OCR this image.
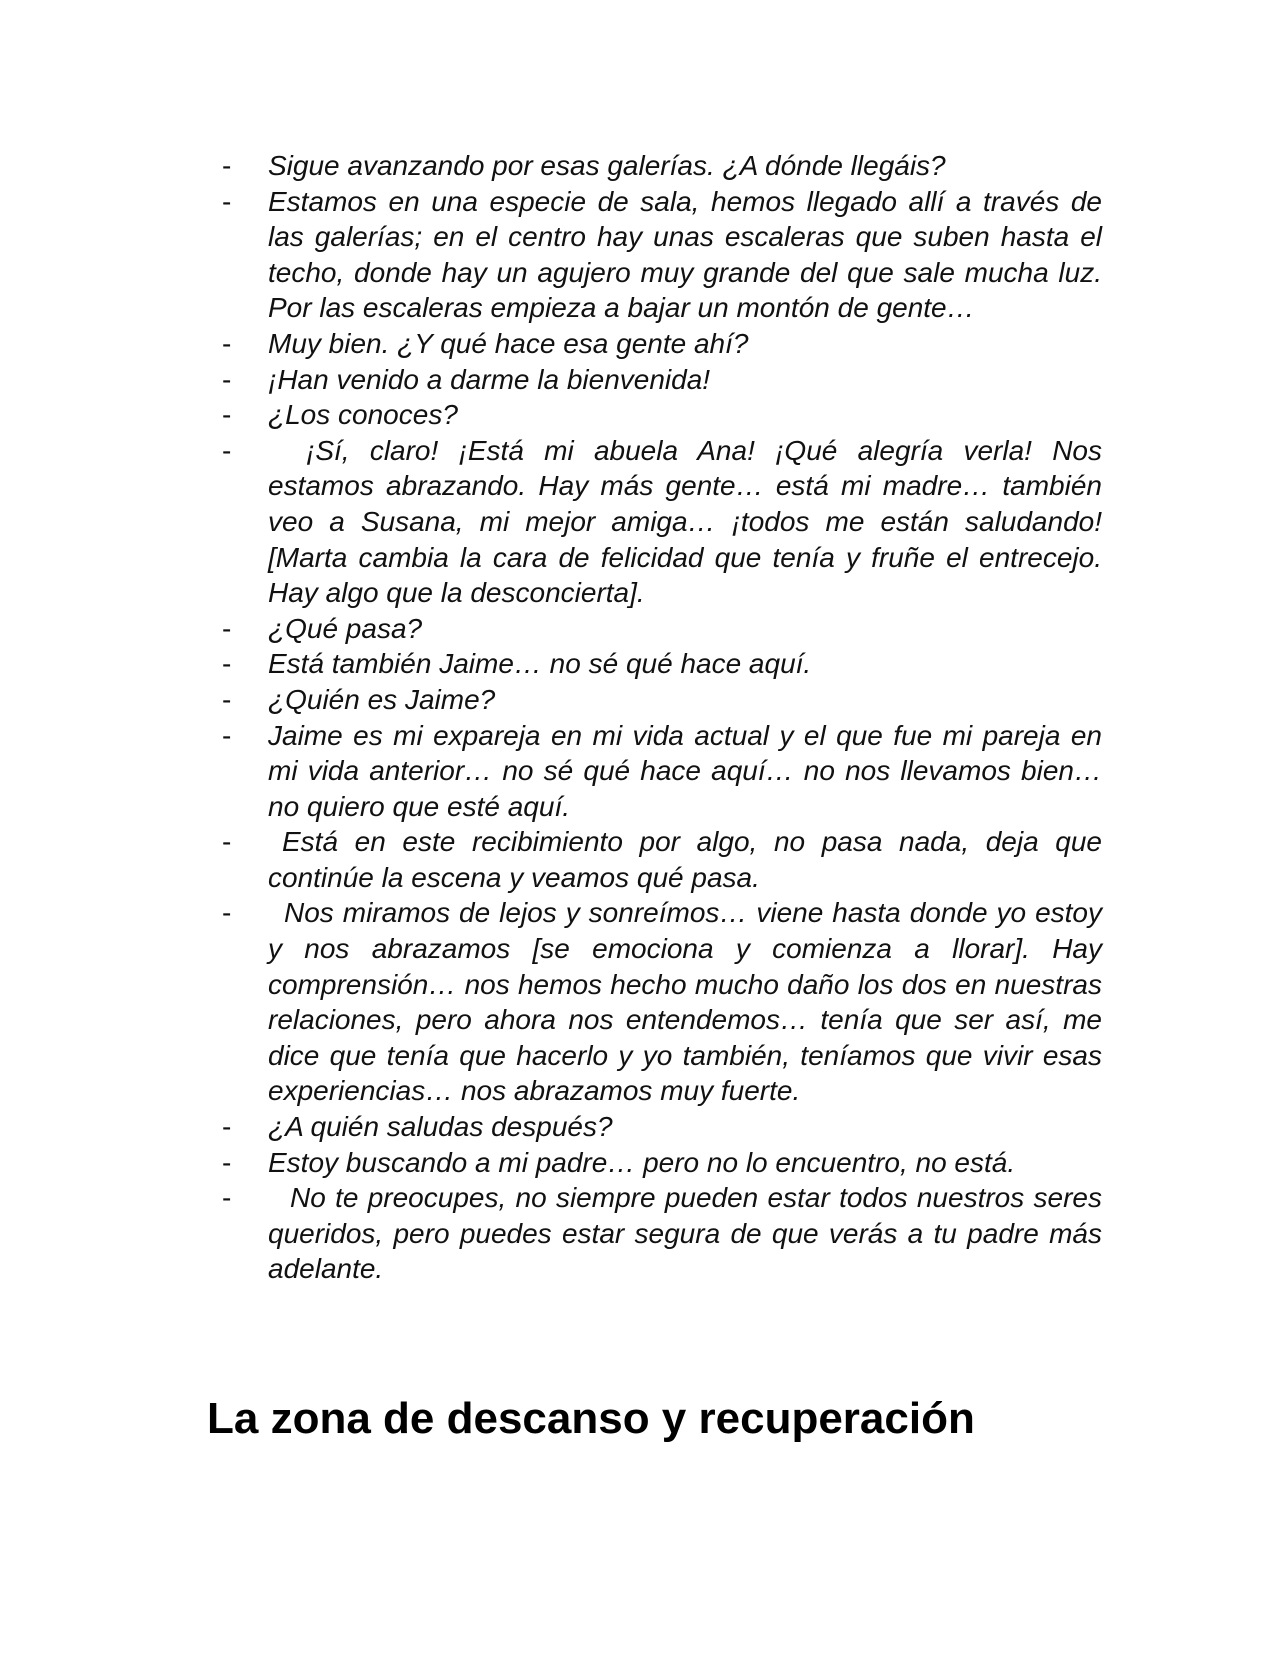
- Sigue avanzando por esas galerías. ¿A dónde llegáis?
- Estamos en una especie de sala, hemos llegado allí a través de las galerías; en el centro hay unas escaleras que suben hasta el techo, donde hay un agujero muy grande del que sale mucha luz. Por las escaleras empieza a bajar un montón de gente…
- Muy bien. ¿Y qué hace esa gente ahí?
- ¡Han venido a darme la bienvenida!
- ¿Los conoces?
-	¡Sí, claro! ¡Está mi abuela Ana! ¡Qué alegría verla! Nos estamos abrazando. Hay más gente… está mi madre… también veo a Susana, mi mejor amiga… ¡todos me están saludando! [Marta cambia la cara de felicidad que tenía y fruñe el entrecejo. Hay algo que la desconcierta].
- ¿Qué pasa?
- Está también Jaime… no sé qué hace aquí.
- ¿Quién es Jaime?
- Jaime es mi expareja en mi vida actual y el que fue mi pareja en mi vida anterior… no sé qué hace aquí… no nos llevamos bien… no quiero que esté aquí.
-	Está en este recibimiento por algo, no pasa nada, deja que continúe la escena y veamos qué pasa.
-	Nos miramos de lejos y sonreímos… viene hasta donde yo estoy y nos abrazamos [se emociona y comienza a llorar]. Hay comprensión… nos hemos hecho mucho daño los dos en nuestras relaciones, pero ahora nos entendemos… tenía que ser así, me dice que tenía que hacerlo y yo también, teníamos que vivir esas experiencias… nos abrazamos muy fuerte.
- ¿A quién saludas después?
- Estoy buscando a mi padre… pero no lo encuentro, no está.
-	No te preocupes, no siempre pueden estar todos nuestros seres queridos, pero puedes estar segura de que verás a tu padre más adelante.
La zona de descanso y recuperación
